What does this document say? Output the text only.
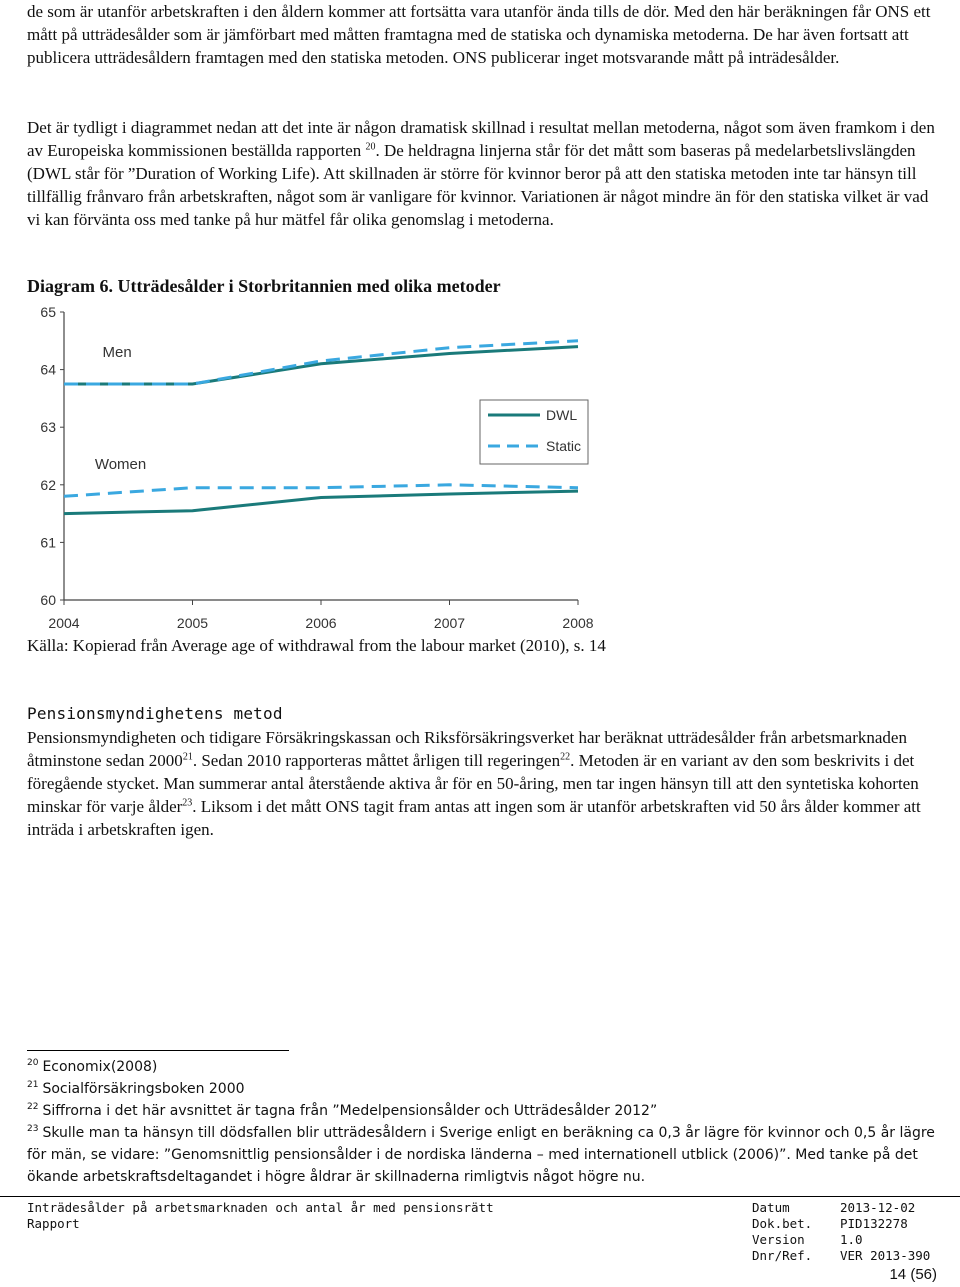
de som är utanför arbetskraften i den åldern kommer att fortsätta vara utanför ända tills de dör. Med den här beräkningen får ONS ett mått på utträdesålder som är jämförbart med måtten framtagna med de statiska och dynamiska metoderna. De har även fortsatt att publicera utträdesåldern framtagen med den statiska metoden. ONS publicerar inget motsvarande mått på inträdesålder.

Det är tydligt i diagrammet nedan att det inte är någon dramatisk skillnad i resultat mellan metoderna, något som även framkom i den av Europeiska kommissionen beställda rapporten $^{20}$. De heldragna linjerna står för det mått som baseras på medelarbetslivslängden (DWL står för ”Duration of Working Life). Att skillnaden är större för kvinnor beror på att den statiska metoden inte tar hänsyn till tillfällig frånvaro från arbetskraften, något som är vanligare för kvinnor. Variationen är något mindre än för den statiska vilket är vad vi kan förvänta oss med tanke på hur mätfel får olika genomslag i metoderna.

Diagram 6. Utträdesålder i Storbritannien med olika metoder

60
61
62
63
64
65
2004	2005	2006	2007	2008
Men
Women
DWL
Static

Källa: Kopierad från Average age of withdrawal from the labour market (2010), s. 14

Pensionsmyndighetens metod

Pensionsmyndigheten och tidigare Försäkringskassan och Riksförsäkringsverket har beräknat utträdesålder från arbetsmarknaden åtminstone sedan 2000$^{21}$. Sedan 2010 rapporteras måttet årligen till regeringen$^{22}$. Metoden är en variant av den som beskrivits i det föregående stycket. Man summerar antal återstående aktiva år för en 50-åring, men tar ingen hänsyn till att den syntetiska kohorten minskar för varje ålder$^{23}$. Liksom i det mått ONS tagit fram antas att ingen som är utanför arbetskraften vid 50 års ålder kommer att inträda i arbetskraften igen.

$^{20}$ Economix(2008)

$^{21}$ Socialförsäkringsboken 2000

$^{22}$ Siffrorna i det här avsnittet är tagna från ”Medelpensionsålder och Utträdesålder 2012”

$^{23}$ Skulle man ta hänsyn till dödsfallen blir utträdesåldern i Sverige enligt en beräkning ca 0,3 år lägre för kvinnor och 0,5 år lägre för män, se vidare: ”Genomsnittlig pensionsålder i de nordiska länderna – med internationell utblick (2006)”. Med tanke på det ökande arbetskraftsdeltagandet i högre åldrar är skillnaderna rimligtvis något högre nu.

Inträdesålder på arbetsmarknaden och antal år med pensionsrätt
Rapport
Datum	2013-12-02
Dok.bet.	PID132278
Version	1.0
Dnr/Ref.	VER 2013-390
14 (56)
